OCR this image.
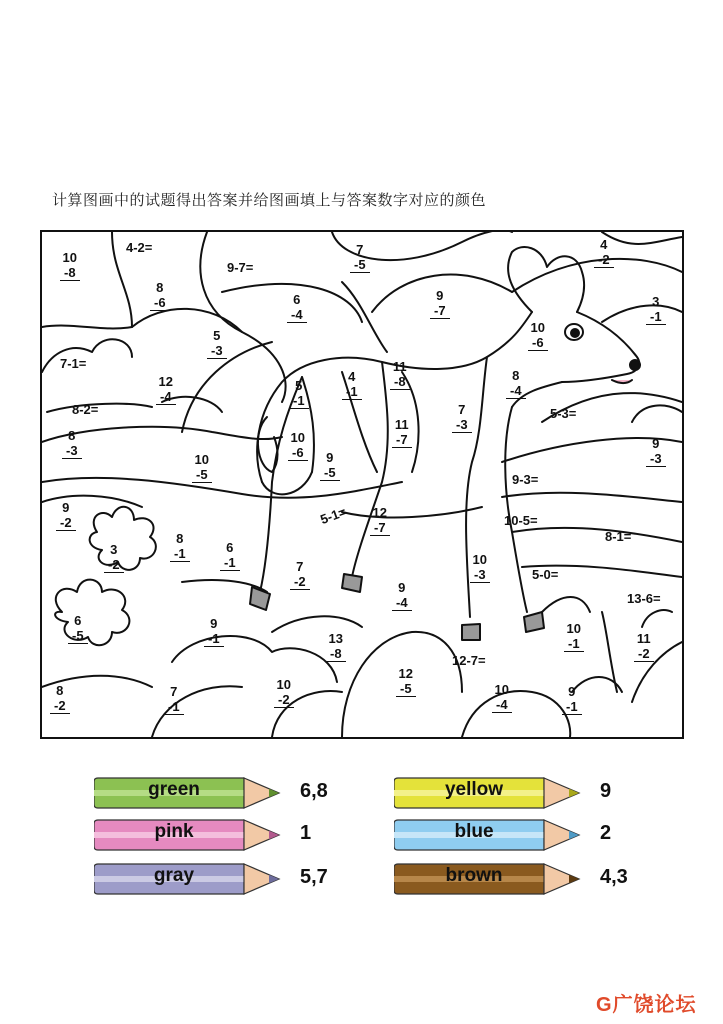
计算图画中的试题得出答案并给图画填上与答案数字对应的颜色
10
-8
4-2=
9-7=
7
-5
4
-2
8
-6	6
-4
9
-7
3
-1
10
-6
5
-3
7-1=
12
-4
5
-1
4
-1
11
-8	8
-4
8-2=	7
-3
5-3=
8
-3
10
-6
11
-7	9
-3
10
-5
9
-5	9-3=
9
-2	5-1= 12
-7	10-5=
8-1=
3
-2
8
-1	6
-1	7
-2
10
-3	5-0=
9
-4	13-6=
6
-5
9
-1	13
-8
10
-1	11
-2
12-7=
12
-5
8
-2
7
-1
10
-2
10
-4
9
-1
green	6,8	yellow	9
pink	1	blue	2
gray	5,7	brown	4,3
G广饶论坛
